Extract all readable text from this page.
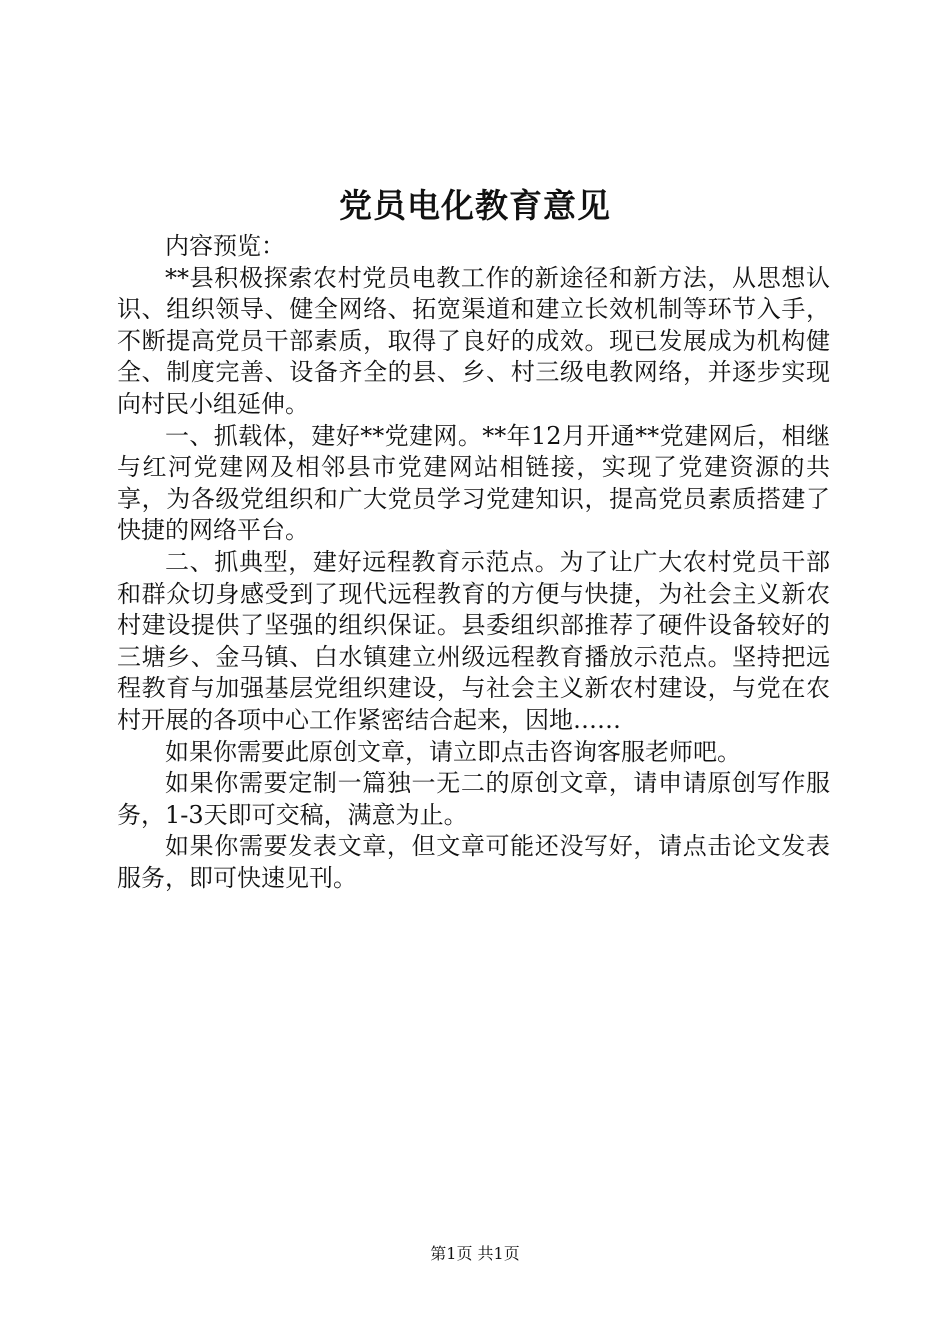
党员电化教育意见

内容预览：

**县积极探索农村党员电教工作的新途径和新方法，从思想认识、组织领导、健全网络、拓宽渠道和建立长效机制等环节入手，不断提高党员干部素质，取得了良好的成效。现已发展成为机构健全、制度完善、设备齐全的县、乡、村三级电教网络，并逐步实现向村民小组延伸。

一、抓载体，建好**党建网。**年12月开通**党建网后，相继与红河党建网及相邻县市党建网站相链接，实现了党建资源的共享，为各级党组织和广大党员学习党建知识，提高党员素质搭建了快捷的网络平台。

二、抓典型，建好远程教育示范点。为了让广大农村党员干部和群众切身感受到了现代远程教育的方便与快捷，为社会主义新农村建设提供了坚强的组织保证。县委组织部推荐了硬件设备较好的三塘乡、金马镇、白水镇建立州级远程教育播放示范点。坚持把远程教育与加强基层党组织建设，与社会主义新农村建设，与党在农村开展的各项中心工作紧密结合起来，因地……

如果你需要此原创文章，请立即点击咨询客服老师吧。

如果你需要定制一篇独一无二的原创文章，请申请原创写作服务，1-3天即可交稿，满意为止。

如果你需要发表文章，但文章可能还没写好，请点击论文发表服务，即可快速见刊。

第1页 共1页
